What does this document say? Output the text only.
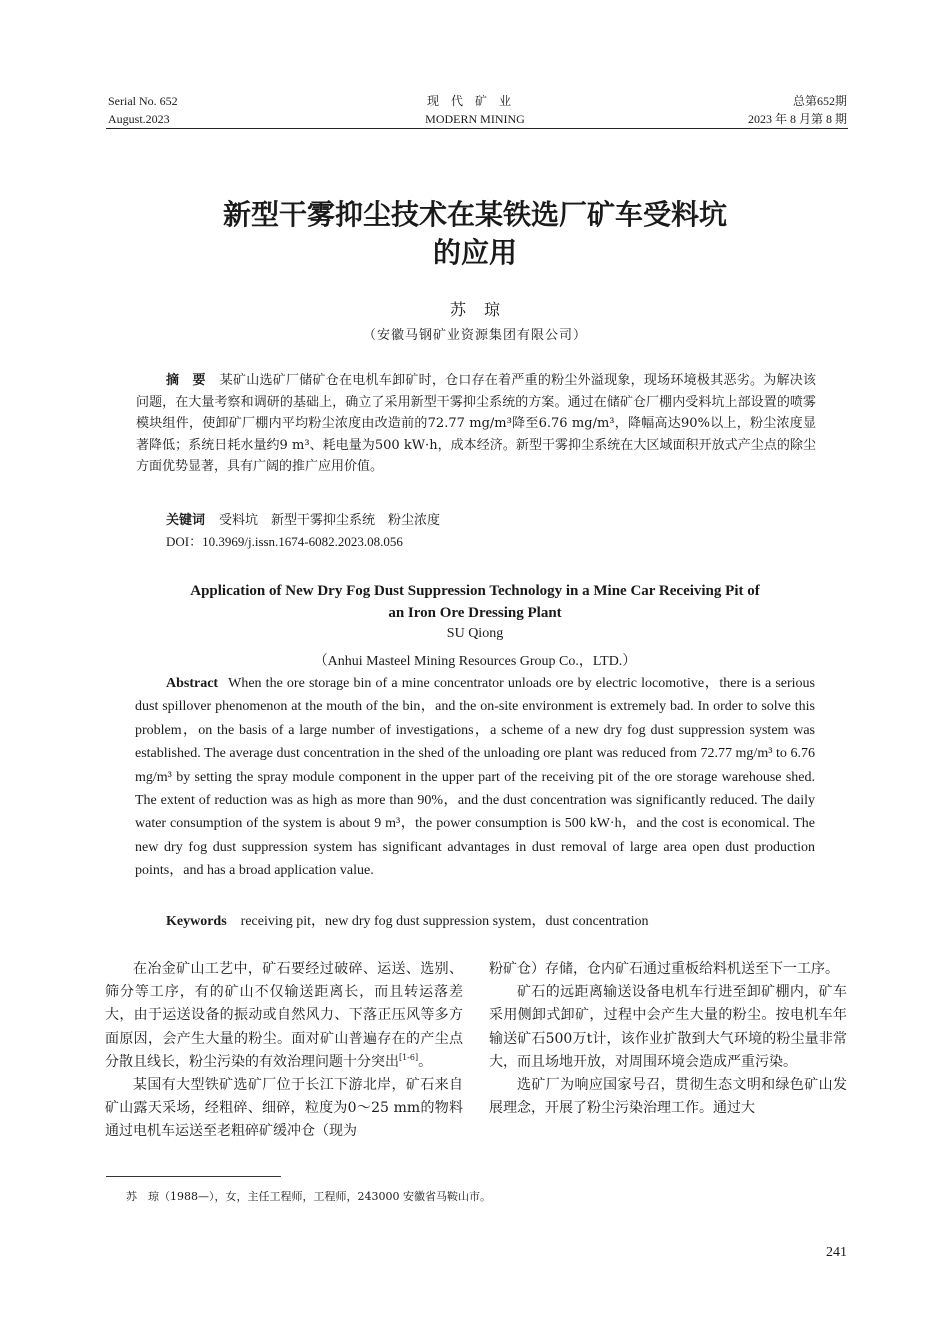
Serial No. 652
August.2023
现代矿业
MODERN MINING
总第652期
2023 年 8 月第 8 期
新型干雾抑尘技术在某铁选厂矿车受料坑
的应用
苏琼
（安徽马钢矿业资源集团有限公司）

摘　要 某矿山选矿厂储矿仓在电机车卸矿时，仓口存在着严重的粉尘外溢现象，现场环境极其恶劣。为解决该问题，在大量考察和调研的基础上，确立了采用新型干雾抑尘系统的方案。通过在储矿仓厂棚内受料坑上部设置的喷雾模块组件，使卸矿厂棚内平均粉尘浓度由改造前的72.77 mg/m³降至6.76 mg/m³，降幅高达90%以上，粉尘浓度显著降低；系统日耗水量约9 m³、耗电量为500 kW·h，成本经济。新型干雾抑尘系统在大区域面积开放式产尘点的除尘方面优势显著，具有广阔的推广应用价值。

关键词 受料坑　新型干雾抑尘系统　粉尘浓度
DOI：10.3969/j.issn.1674-6082.2023.08.056
Application of New Dry Fog Dust Suppression Technology in a Mine Car Receiving Pit of
an Iron Ore Dressing Plant
SU Qiong
（Anhui Masteel Mining Resources Group Co.，LTD.）
Abstract When the ore storage bin of a mine concentrator unloads ore by electric locomotive，there is a serious dust spillover phenomenon at the mouth of the bin，and the on-site environment is extremely bad. In order to solve this problem，on the basis of a large number of investigations，a scheme of a new dry fog dust suppression system was established. The average dust concentration in the shed of the unloading ore plant was reduced from 72.77 mg/m³ to 6.76 mg/m³ by setting the spray module component in the upper part of the receiving pit of the ore storage warehouse shed. The extent of reduction was as high as more than 90%，and the dust concentration was significantly reduced. The daily water consumption of the system is about 9 m³，the power consumption is 500 kW·h，and the cost is economical. The new dry fog dust suppression system has significant advantages in dust removal of large area open dust production points，and has a broad application value.
Keywords receiving pit，new dry fog dust suppression system，dust concentration

在冶金矿山工艺中，矿石要经过破碎、运送、选别、筛分等工序，有的矿山不仅输送距离长，而且转运落差大，由于运送设备的振动或自然风力、下落正压风等多方面原因，会产生大量的粉尘。面对矿山普遍存在的产尘点分散且线长，粉尘污染的有效治理问题十分突出[1-6]。

某国有大型铁矿选矿厂位于长江下游北岸，矿石来自矿山露天采场，经粗碎、细碎，粒度为0～25 mm的物料通过电机车运送至老粗碎矿缓冲仓（现为

粉矿仓）存储，仓内矿石通过重板给料机送至下一工序。

矿石的远距离输送设备电机车行进至卸矿棚内，矿车采用侧卸式卸矿，过程中会产生大量的粉尘。按电机车年输送矿石500万t计，该作业扩散到大气环境的粉尘量非常大，而且场地开放，对周围环境会造成严重污染。

选矿厂为响应国家号召，贯彻生态文明和绿色矿山发展理念，开展了粉尘污染治理工作。通过大

苏　琼（1988—），女，主任工程师，工程师，243000 安徽省马鞍山市。
241
